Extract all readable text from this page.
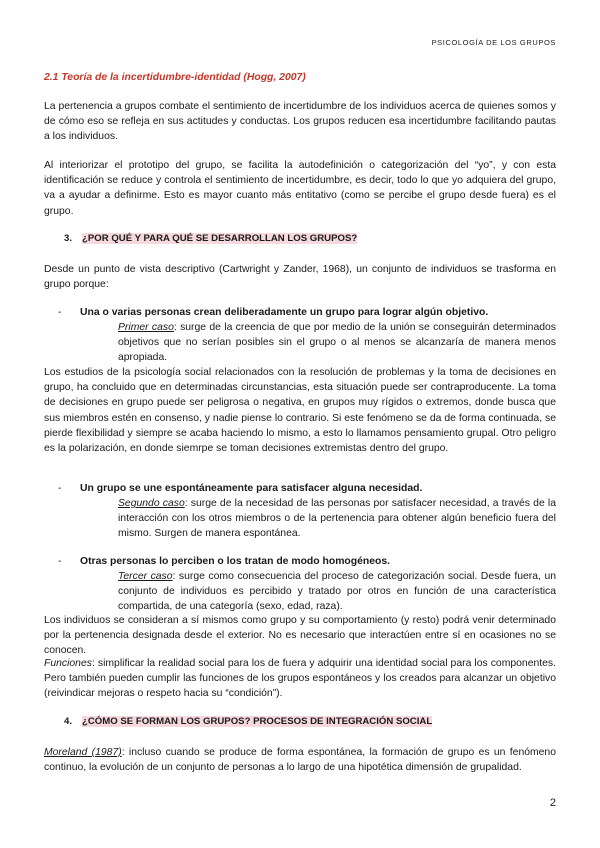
PSICOLOGÍA DE LOS GRUPOS
2.1 Teoría de la incertidumbre-identidad (Hogg, 2007)

La pertenencia a grupos combate el sentimiento de incertidumbre de los individuos acerca de quienes somos y de cómo eso se refleja en sus actitudes y conductas. Los grupos reducen esa incertidumbre facilitando pautas a los individuos.

Al interiorizar el prototipo del grupo, se facilita la autodefinición o categorización del “yo”, y con esta identificación se reduce y controla el sentimiento de incertidumbre, es decir, todo lo que yo adquiera del grupo, va a ayudar a definirme. Esto es mayor cuanto más entitativo (como se percibe el grupo desde fuera) es el grupo.

3. ¿POR QUÉ Y PARA QUÉ SE DESARROLLAN LOS GRUPOS?

Desde un punto de vista descriptivo (Cartwright y Zander, 1968), un conjunto de individuos se trasforma en grupo porque:

- Una o varias personas crean deliberadamente un grupo para lograr algún objetivo.

Primer caso: surge de la creencia de que por medio de la unión se conseguirán determinados objetivos que no serían posibles sin el grupo o al menos se alcanzaría de manera menos apropiada.

Los estudios de la psicología social relacionados con la resolución de problemas y la toma de decisiones en grupo, ha concluido que en determinadas circunstancias, esta situación puede ser contraproducente. La toma de decisiones en grupo puede ser peligrosa o negativa, en grupos muy rígidos o extremos, donde busca que sus miembros estén en consenso, y nadie piense lo contrario. Si este fenómeno se da de forma continuada, se pierde flexibilidad y siempre se acaba haciendo lo mismo, a esto lo llamamos pensamiento grupal. Otro peligro es la polarización, en donde siemrpe se toman decisiones extremistas dentro del grupo.

- Un grupo se une espontáneamente para satisfacer alguna necesidad.

Segundo caso: surge de la necesidad de las personas por satisfacer necesidad, a través de la interacción con los otros miembros o de la pertenencia para obtener algún beneficio fuera del mismo. Surgen de manera espontánea.

- Otras personas lo perciben o los tratan de modo homogéneos.

Tercer caso: surge como consecuencia del proceso de categorización social. Desde fuera, un conjunto de individuos es percibido y tratado por otros en función de una característica compartida, de una categoría (sexo, edad, raza).

Los individuos se consideran a sí mismos como grupo y su comportamiento (y resto) podrá venir determinado por la pertenencia designada desde el exterior. No es necesario que interactúen entre sí en ocasiones no se conocen.

Funciones: simplificar la realidad social para los de fuera y adquirir una identidad social para los componentes. Pero también pueden cumplir las funciones de los grupos espontáneos y los creados para alcanzar un objetivo (reivindicar mejoras o respeto hacia su “condición”).

4. ¿CÓMO SE FORMAN LOS GRUPOS? PROCESOS DE INTEGRACIÓN SOCIAL

Moreland (1987): incluso cuando se produce de forma espontánea, la formación de grupo es un fenómeno continuo, la evolución de un conjunto de personas a lo largo de una hipotética dimensión de grupalidad.

2
